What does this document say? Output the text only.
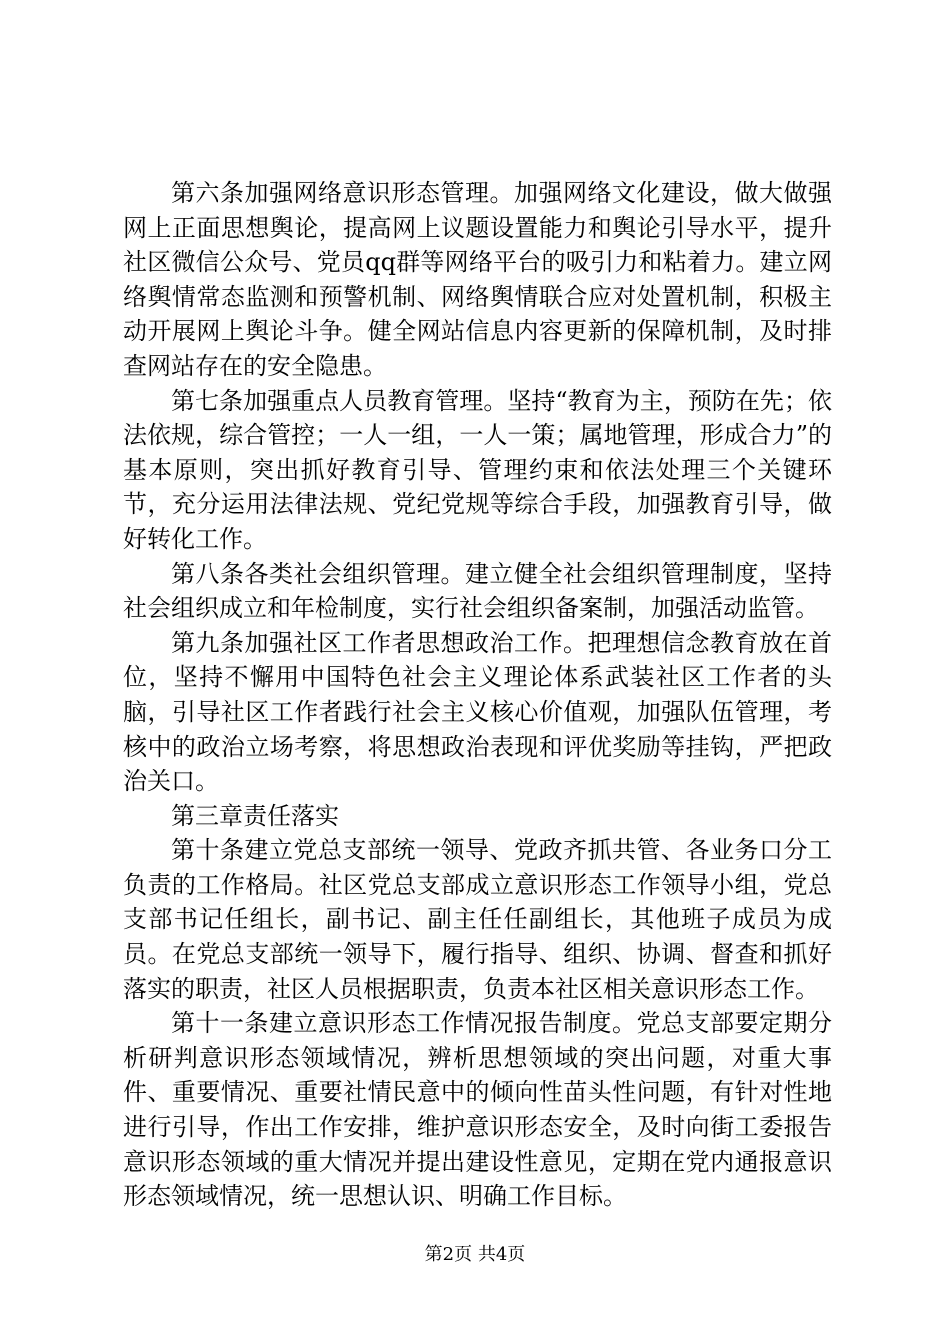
第六条加强网络意识形态管理。加强网络文化建设，做大做强网上正面思想舆论，提高网上议题设置能力和舆论引导水平，提升社区微信公众号、党员qq群等网络平台的吸引力和粘着力。建立网络舆情常态监测和预警机制、网络舆情联合应对处置机制，积极主动开展网上舆论斗争。健全网站信息内容更新的保障机制，及时排查网站存在的安全隐患。

第七条加强重点人员教育管理。坚持“教育为主，预防在先；依法依规，综合管控；一人一组，一人一策；属地管理，形成合力”的基本原则，突出抓好教育引导、管理约束和依法处理三个关键环节，充分运用法律法规、党纪党规等综合手段，加强教育引导，做好转化工作。

第八条各类社会组织管理。建立健全社会组织管理制度，坚持社会组织成立和年检制度，实行社会组织备案制，加强活动监管。

第九条加强社区工作者思想政治工作。把理想信念教育放在首位，坚持不懈用中国特色社会主义理论体系武装社区工作者的头脑，引导社区工作者践行社会主义核心价值观，加强队伍管理，考核中的政治立场考察，将思想政治表现和评优奖励等挂钩，严把政治关口。

第三章责任落实

第十条建立党总支部统一领导、党政齐抓共管、各业务口分工负责的工作格局。社区党总支部成立意识形态工作领导小组，党总支部书记任组长，副书记、副主任任副组长，其他班子成员为成员。在党总支部统一领导下，履行指导、组织、协调、督查和抓好落实的职责，社区人员根据职责，负责本社区相关意识形态工作。

第十一条建立意识形态工作情况报告制度。党总支部要定期分析研判意识形态领域情况，辨析思想领域的突出问题，对重大事件、重要情况、重要社情民意中的倾向性苗头性问题，有针对性地进行引导，作出工作安排，维护意识形态安全，及时向街工委报告意识形态领域的重大情况并提出建设性意见，定期在党内通报意识形态领域情况，统一思想认识、明确工作目标。

第2页 共4页
